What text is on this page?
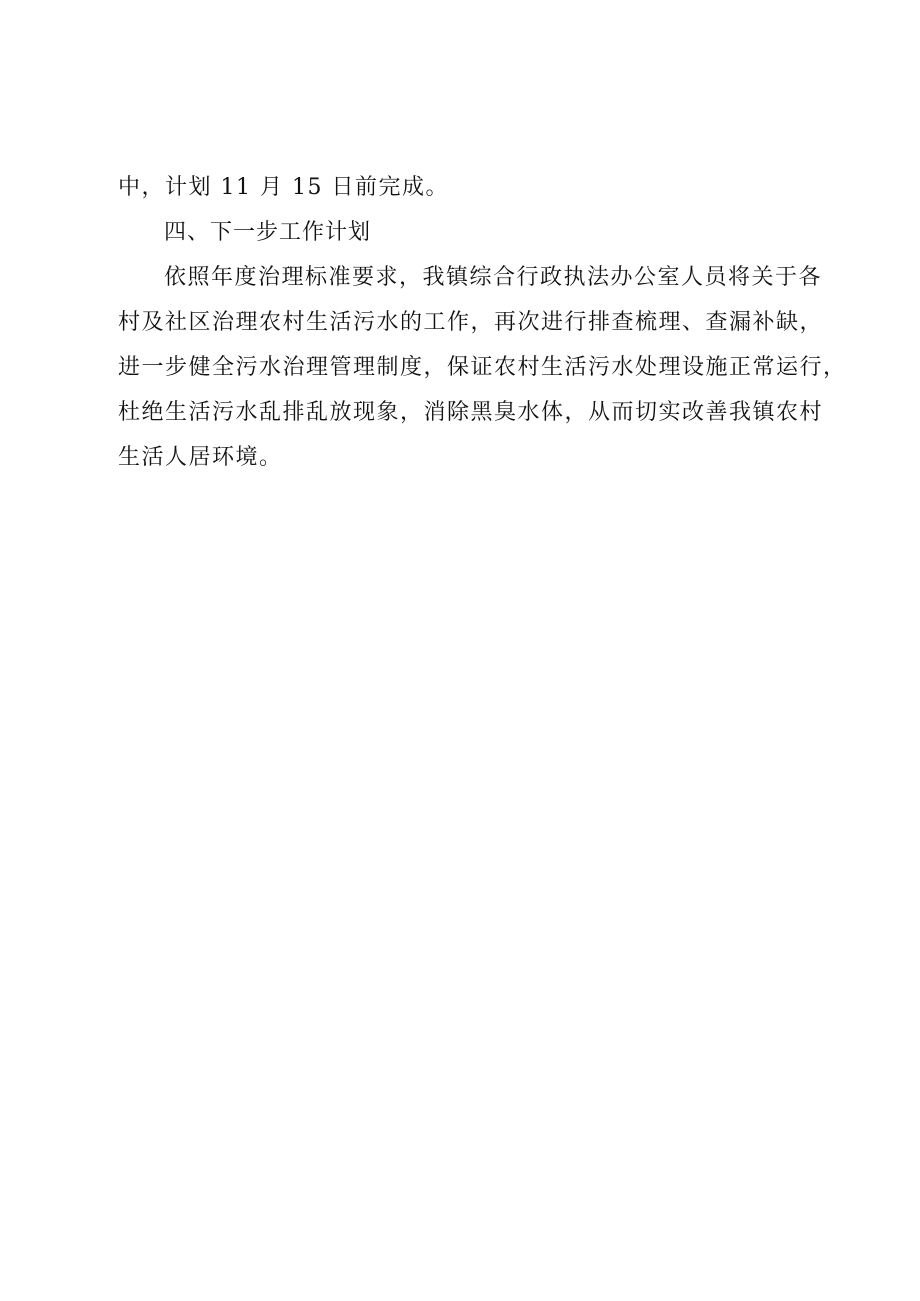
中，计划 11 月 15 日前完成。
四、下一步工作计划
依照年度治理标准要求，我镇综合行政执法办公室人员将关于各
村及社区治理农村生活污水的工作，再次进行排查梳理、查漏补缺，
进一步健全污水治理管理制度，保证农村生活污水处理设施正常运行，
杜绝生活污水乱排乱放现象，消除黑臭水体，从而切实改善我镇农村
生活人居环境。
